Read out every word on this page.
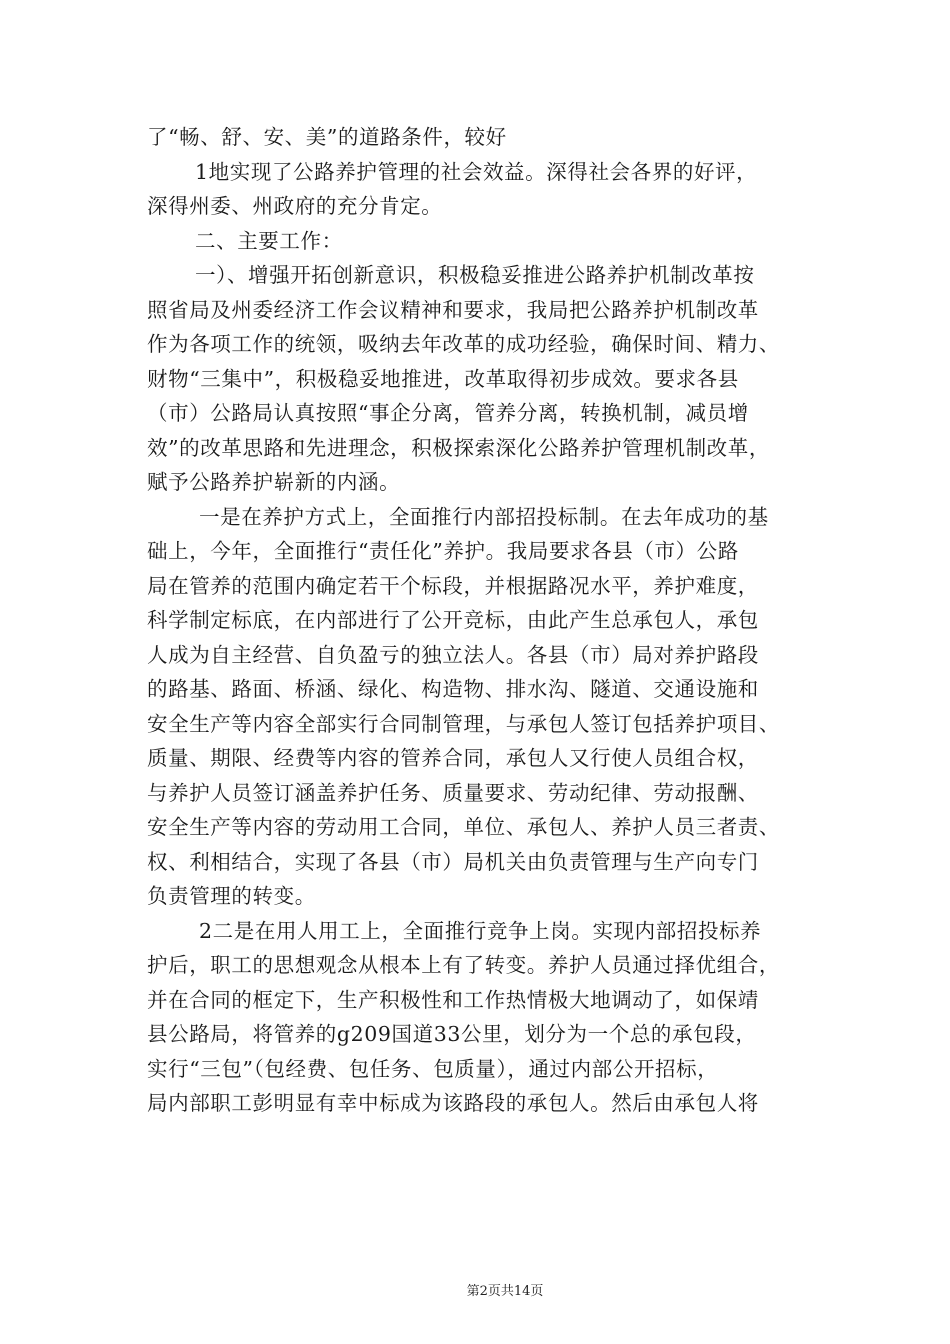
了“畅、舒、安、美”的道路条件，较好
1地实现了公路养护管理的社会效益。深得社会各界的好评，
深得州委、州政府的充分肯定。
二、主要工作：
一）、增强开拓创新意识，积极稳妥推进公路养护机制改革按
照省局及州委经济工作会议精神和要求，我局把公路养护机制改革
作为各项工作的统领，吸纳去年改革的成功经验，确保时间、精力、
财物“三集中”，积极稳妥地推进，改革取得初步成效。要求各县
（市）公路局认真按照“事企分离，管养分离，转换机制，减员增
效”的改革思路和先进理念，积极探索深化公路养护管理机制改革，
赋予公路养护崭新的内涵。
一是在养护方式上，全面推行内部招投标制。在去年成功的基
础上，今年，全面推行“责任化”养护。我局要求各县（市）公路
局在管养的范围内确定若干个标段，并根据路况水平，养护难度，
科学制定标底，在内部进行了公开竞标，由此产生总承包人，承包
人成为自主经营、自负盈亏的独立法人。各县（市）局对养护路段
的路基、路面、桥涵、绿化、构造物、排水沟、隧道、交通设施和
安全生产等内容全部实行合同制管理，与承包人签订包括养护项目、
质量、期限、经费等内容的管养合同，承包人又行使人员组合权，
与养护人员签订涵盖养护任务、质量要求、劳动纪律、劳动报酬、
安全生产等内容的劳动用工合同，单位、承包人、养护人员三者责、
权、利相结合，实现了各县（市）局机关由负责管理与生产向专门
负责管理的转变。
2二是在用人用工上，全面推行竞争上岗。实现内部招投标养
护后，职工的思想观念从根本上有了转变。养护人员通过择优组合，
并在合同的框定下，生产积极性和工作热情极大地调动了，如保靖
县公路局，将管养的g209国道33公里，划分为一个总的承包段，
实行“三包”（包经费、包任务、包质量），通过内部公开招标，
局内部职工彭明显有幸中标成为该路段的承包人。然后由承包人将
第2页共14页
